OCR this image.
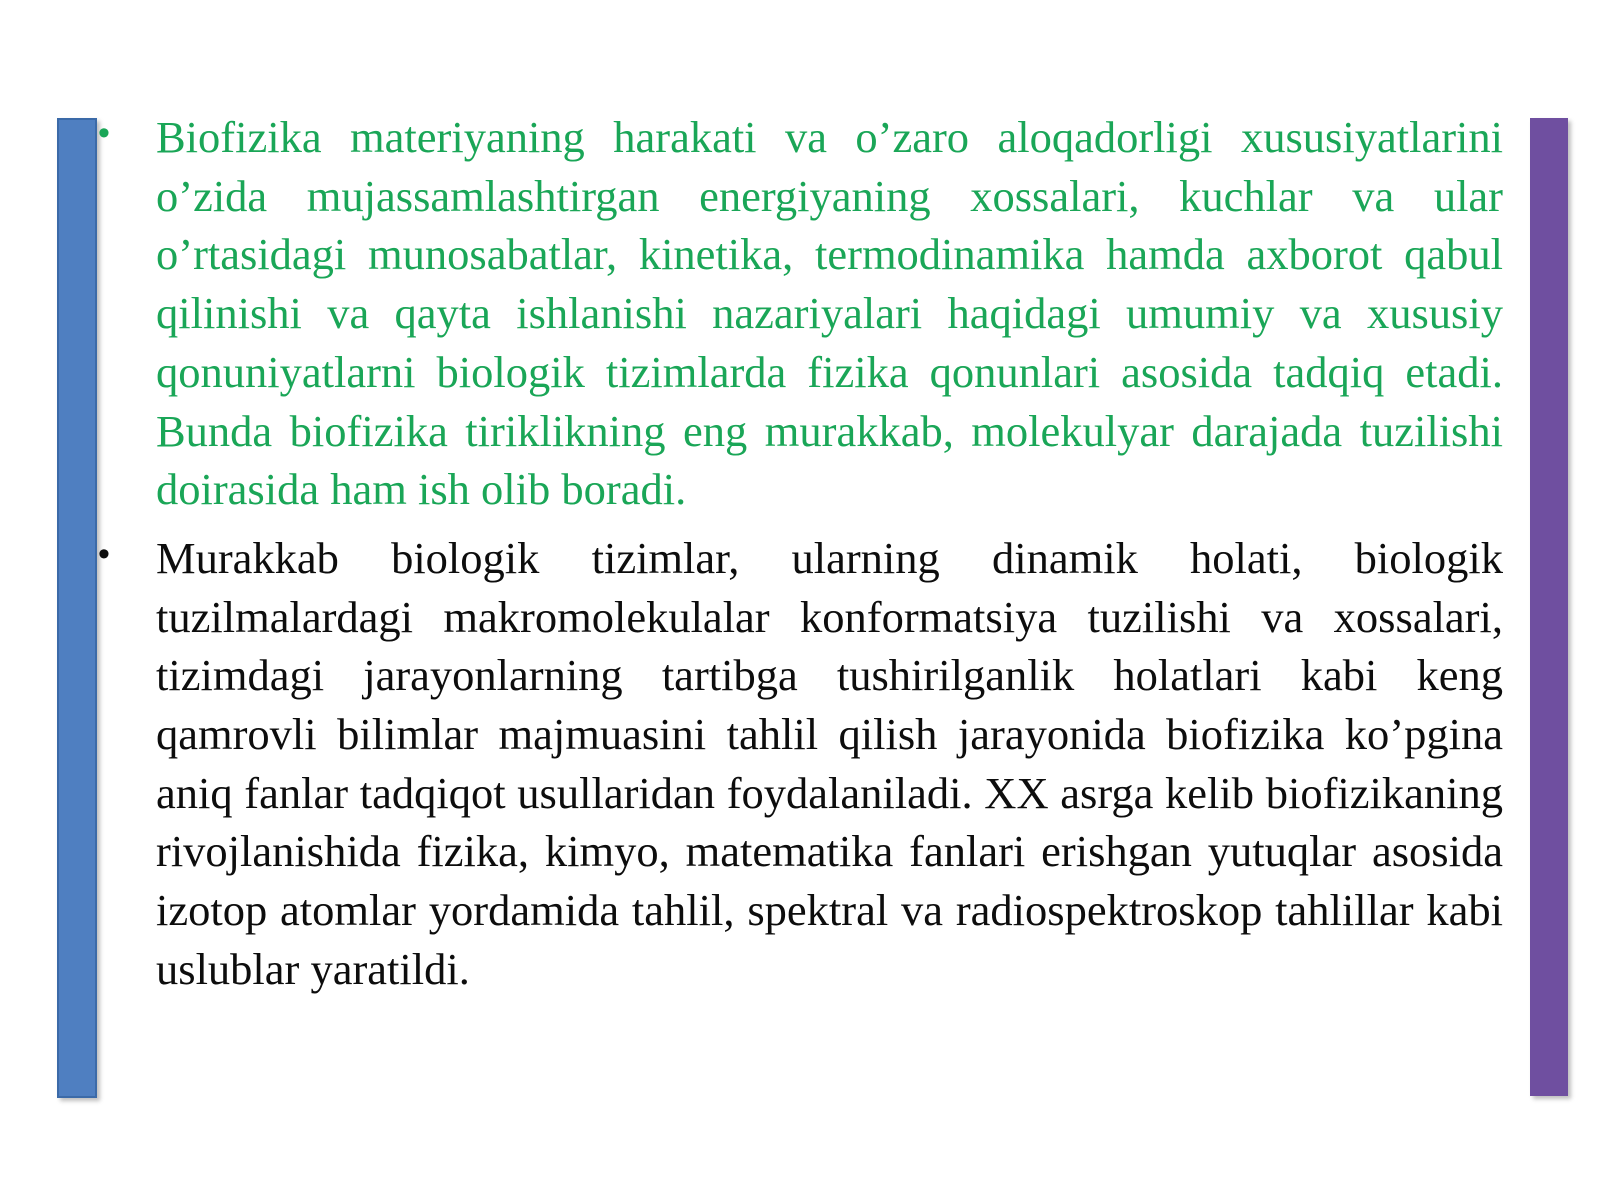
• Biofizika materiyaning harakati va o’zaro aloqadorligi xususiyatlarini o’zida mujassamlashtirgan energiyaning xossalari, kuchlar va ular o’rtasidagi munosabatlar, kinetika, termodinamika hamda axborot qabul qilinishi va qayta ishlanishi nazariyalari haqidagi umumiy va xususiy qonuniyatlarni biologik tizimlarda fizika qonunlari asosida tadqiq etadi. Bunda biofizika tiriklikning eng murakkab, molekulyar darajada tuzilishi doirasida ham ish olib boradi.
• Murakkab biologik tizimlar, ularning dinamik holati, biologik tuzilmalardagi makromolekulalar konformatsiya tuzilishi va xossalari, tizimdagi jarayonlarning tartibga tushirilganlik holatlari kabi keng qamrovli bilimlar majmuasini tahlil qilish jarayonida biofizika ko’pgina aniq fanlar tadqiqot usullaridan foydalaniladi. XX asrga kelib biofizikaning rivojlanishida fizika, kimyo, matematika fanlari erishgan yutuqlar asosida izotop atomlar yordamida tahlil, spektral va radiospektroskop tahlillar kabi uslublar yaratildi.
